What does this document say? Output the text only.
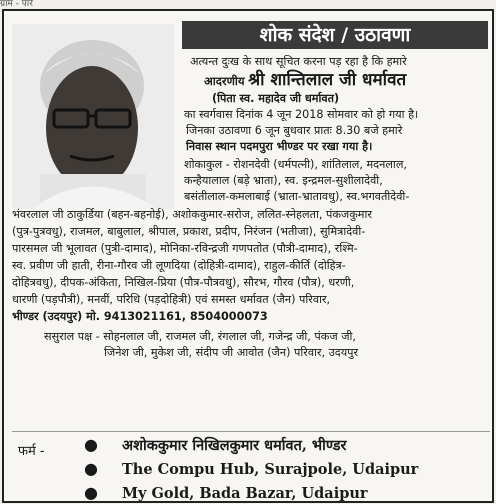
ग्राम - पारे
शोक संदेश / उठावणा
अत्यन्त दुःख के साथ सूचित करना पड़ रहा है कि हमारे
आदरणीय श्री शान्तिलाल जी धर्मावत
(पिता स्व. महादेव जी धर्मावत)
का स्वर्गवास दिनांक 4 जून 2018 सोमवार को हो गया है।
जिनका उठावणा 6 जून बुधवार प्रातः 8.30 बजे हमारे
निवास स्थान पदमपुरा भीण्डर पर रखा गया है।
शोकाकुल - रोशनदेवी (धर्मपत्नी), शांतिलाल, मदनलाल,
कन्हैयालाल (बड़े भ्राता), स्व. इन्द्रमल-सुशीलादेवी,
बसंतीलाल-कमलाबाई (भ्राता-भ्रातावधु), स्व.भगवतीदेवी-
भंवरलाल जी ठाकुर्डिया (बहन-बहनोई), अशोककुमार-सरोज, ललित-स्नेहलता, पंकजकुमार
(पुत्र-पुत्रवधु), राजमल, बाबुलाल, श्रीपाल, प्रकाश, प्रदीप, निरंजन (भतीजा), सुमित्रादेवी-
पारसमल जी भूलावत (पुत्री-दामाद), मोनिका-रविन्द्रजी गणपतोत (पौत्री-दामाद), रश्मि-
स्व. प्रवीण जी हाती, रीना-गौरव जी लूणदिया (दोहित्री-दामाद), राहुल-कीर्ति (दोहित्र-
दोहित्रवधु), दीपक-अंकिता, निखिल-प्रिया (पौत्र-पौत्रवधु), सौरभ, गौरव (पौत्र), धरणी,
धारणी (पड़पौत्री), मनवीं, परिधि (पड़दोहित्री) एवं समस्त धर्मावत (जैन) परिवार,
भीण्डर (उदयपुर) मो. 9413021161, 8504000073
ससुराल पक्ष - सोहनलाल जी, राजमल जी, रंगलाल जी, गजेन्द्र जी, पंकज जी,
जिनेश जी, मुकेश जी, संदीप जी आवोत (जैन) परिवार, उदयपुर
फर्म - ● अशोककुमार निखिलकुमार धर्मावत, भीण्डर
● The Compu Hub, Surajpole, Udaipur
● My Gold, Bada Bazar, Udaipur
